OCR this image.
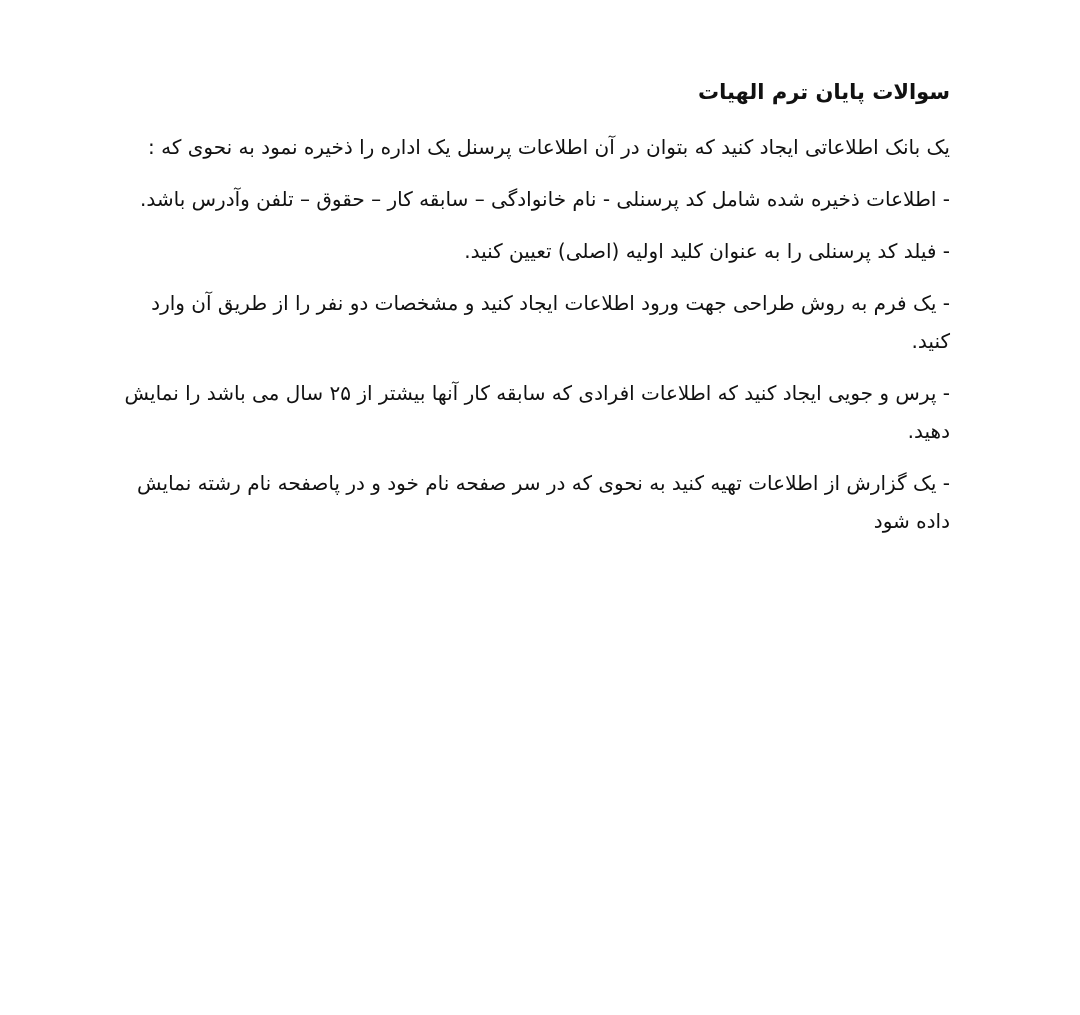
سوالات پایان ترم الهیات

یک بانک اطلاعاتی ایجاد کنید که بتوان در آن اطلاعات پرسنل یک اداره را ذخیره نمود به نحوی که :

- اطلاعات ذخیره شده شامل کد پرسنلی - نام خانوادگی – سابقه کار – حقوق – تلفن وآدرس باشد.
- فیلد کد پرسنلی را به عنوان کلید اولیه (اصلی) تعیین کنید.
- یک فرم به روش طراحی جهت ورود اطلاعات ایجاد کنید و مشخصات دو نفر را از طریق آن وارد کنید.
- پرس و جویی ایجاد کنید که اطلاعات افرادی که سابقه کار آنها بیشتر از ۲۵ سال می باشد را نمایش دهید.
- یک گزارش از اطلاعات تهیه کنید به نحوی که در سر صفحه نام خود و در پاصفحه نام رشته نمایش داده شود
